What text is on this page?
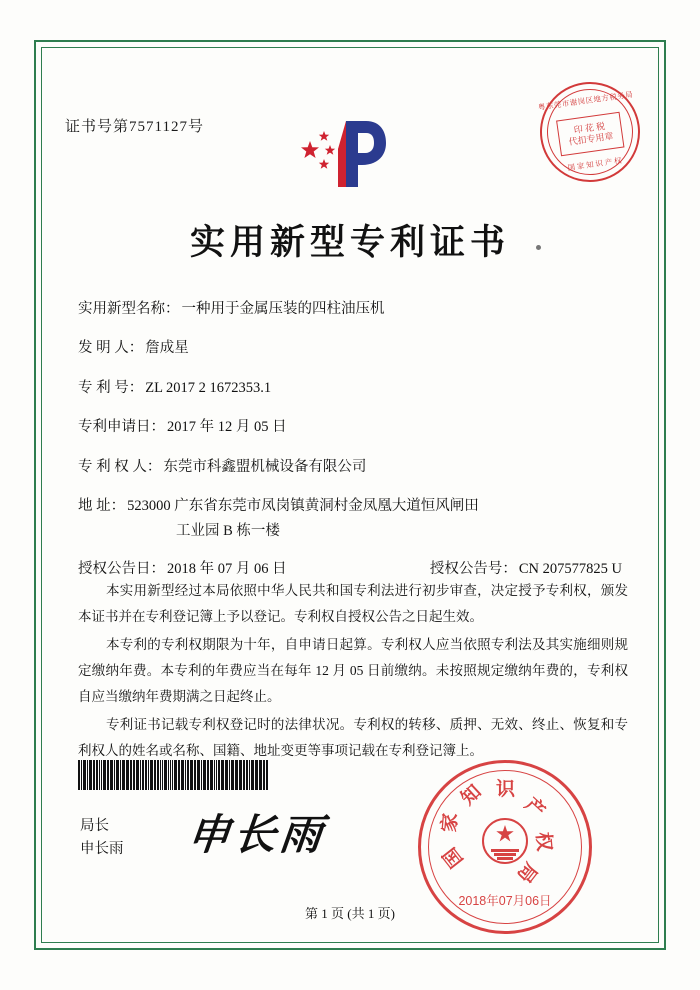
证书号第7571127号
粤东莞市谢岗区地方税务局
印 花 税
代扣专用章
国 家 知 识 产 权
实用新型专利证书
实用新型名称： 一种用于金属压装的四柱油压机
发 明 人： 詹成星
专 利 号： ZL 2017 2 1672353.1
专利申请日： 2017 年 12 月 05 日
专 利 权 人： 东莞市科鑫盟机械设备有限公司
地 址： 523000 广东省东莞市凤岗镇黄洞村金凤凰大道恒风闸田
工业园 B 栋一楼
授权公告日： 2018 年 07 月 06 日	授权公告号： CN 207577825 U

本实用新型经过本局依照中华人民共和国专利法进行初步审查，决定授予专利权，颁发本证书并在专利登记簿上予以登记。专利权自授权公告之日起生效。

本专利的专利权期限为十年，自申请日起算。专利权人应当依照专利法及其实施细则规定缴纳年费。本专利的年费应当在每年 12 月 05 日前缴纳。未按照规定缴纳年费的，专利权自应当缴纳年费期满之日起终止。

专利证书记载专利权登记时的法律状况。专利权的转移、质押、无效、终止、恢复和专利权人的姓名或名称、国籍、地址变更等事项记载在专利登记簿上。

局长
申长雨 申长雨	国
家
知 识
产
权
局
2018年07月06日
第 1 页 (共 1 页)
